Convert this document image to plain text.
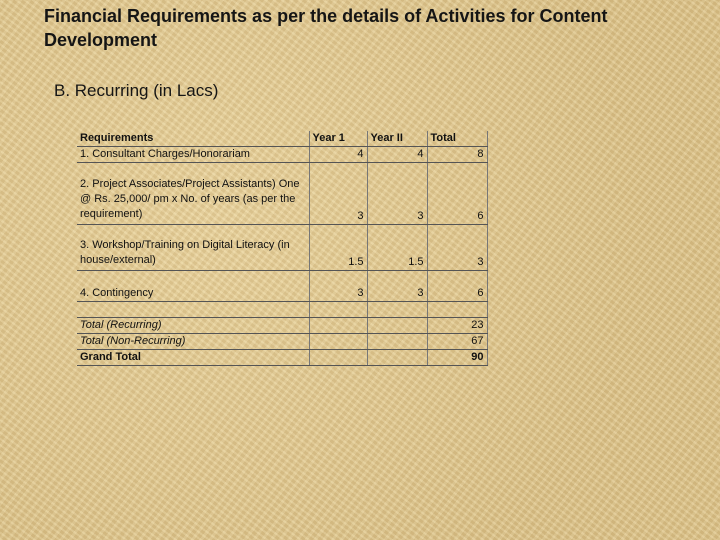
Financial Requirements as per the details of Activities for Content Development
B. Recurring (in Lacs)
Requirements	Year 1	Year II	Total
1. Consultant Charges/Honorariam	4	4	8
2. Project Associates/Project Assistants) One @ Rs. 25,000/ pm x No. of years (as per the requirement)	3	3	6
3. Workshop/Training on Digital Literacy (in house/external)	1.5	1.5	3
4. Contingency	3	3	6

Total (Recurring)			23
Total (Non-Recurring)			67
Grand Total			90
